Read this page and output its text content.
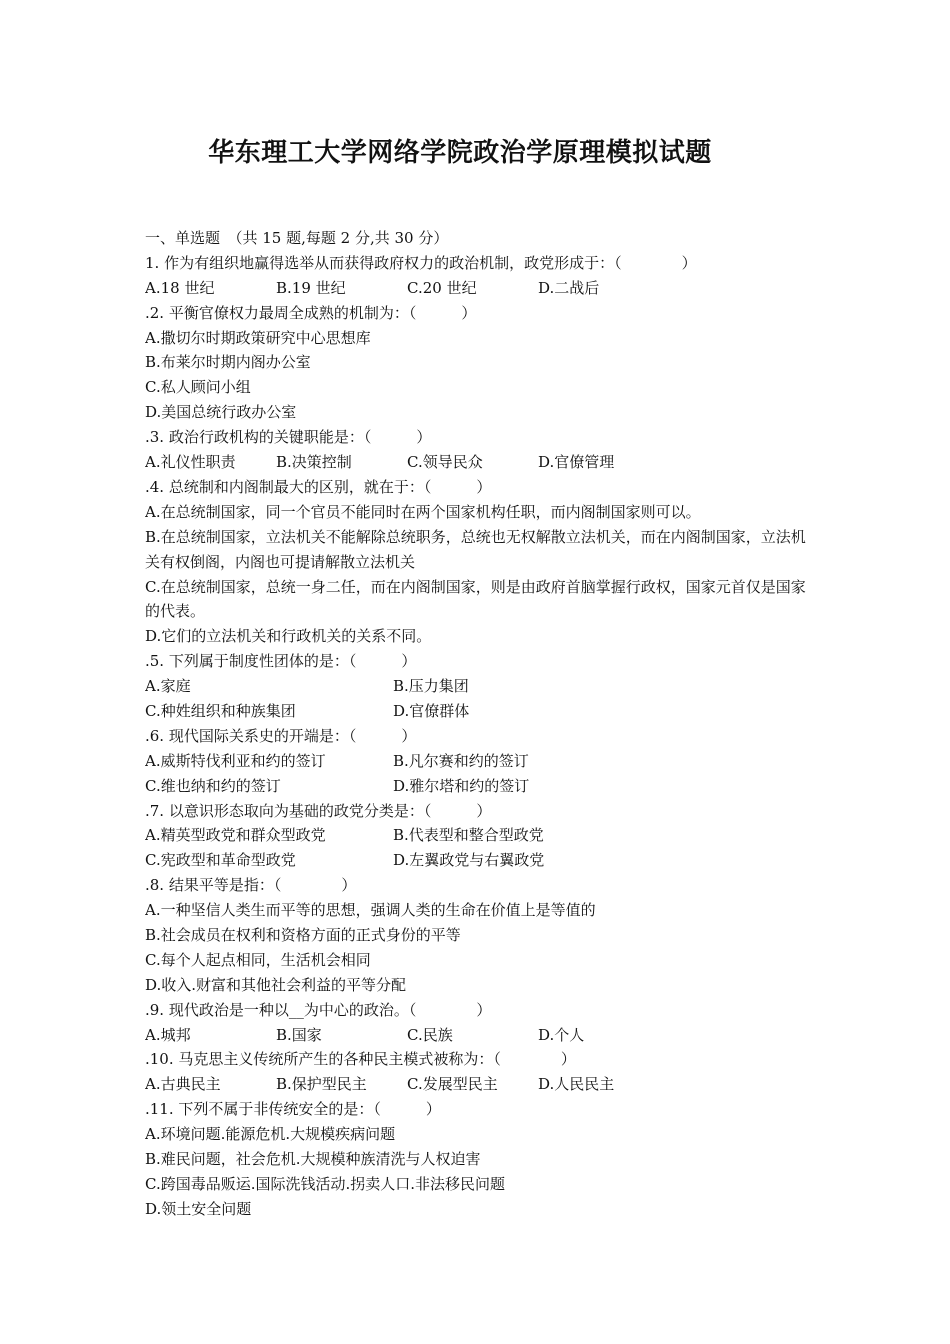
华东理工大学网络学院政治学原理模拟试题
一、单选题　（共 15 题,每题 2 分,共 30 分）
1. 作为有组织地赢得选举从而获得政府权力的政治机制，政党形成于：（　　　　）
A.18 世纪	B.19 世纪	C.20 世纪	D.二战后
.2. 平衡官僚权力最周全成熟的机制为：（　　　）
A.撒切尔时期政策研究中心思想库
B.布莱尔时期内阁办公室
C.私人顾问小组
D.美国总统行政办公室
.3. 政治行政机构的关键职能是：（　　　）
A.礼仪性职责	B.决策控制	C.领导民众	D.官僚管理
.4. 总统制和内阁制最大的区别，就在于：（　　　）
A.在总统制国家，同一个官员不能同时在两个国家机构任职，而内阁制国家则可以。
B.在总统制国家，立法机关不能解除总统职务，总统也无权解散立法机关，而在内阁制国家，立法机关有权倒阁，内阁也可提请解散立法机关
C.在总统制国家，总统一身二任，而在内阁制国家，则是由政府首脑掌握行政权，国家元首仅是国家的代表。
D.它们的立法机关和行政机关的关系不同。
.5. 下列属于制度性团体的是：（　　　）
A.家庭	B.压力集团
C.种姓组织和种族集团	D.官僚群体
.6. 现代国际关系史的开端是：（　　　）
A.威斯特伐利亚和约的签订	B.凡尔赛和约的签订
C.维也纳和约的签订	D.雅尔塔和约的签订
.7. 以意识形态取向为基础的政党分类是：（　　　）
A.精英型政党和群众型政党	B.代表型和整合型政党
C.宪政型和革命型政党	D.左翼政党与右翼政党
.8. 结果平等是指：（　　　　）
A.一种坚信人类生而平等的思想，强调人类的生命在价值上是等值的
B.社会成员在权利和资格方面的正式身份的平等
C.每个人起点相同，生活机会相同
D.收入.财富和其他社会利益的平等分配
.9. 现代政治是一种以__为中心的政治。（　　　　）
A.城邦	B.国家	C.民族	D.个人
.10. 马克思主义传统所产生的各种民主模式被称为：（　　　　）
A.古典民主	B.保护型民主	C.发展型民主	D.人民民主
.11. 下列不属于非传统安全的是：（　　　）
A.环境问题.能源危机.大规模疾病问题
B.难民问题，社会危机.大规模种族清洗与人权迫害
C.跨国毒品贩运.国际洗钱活动.拐卖人口.非法移民问题
D.领土安全问题
